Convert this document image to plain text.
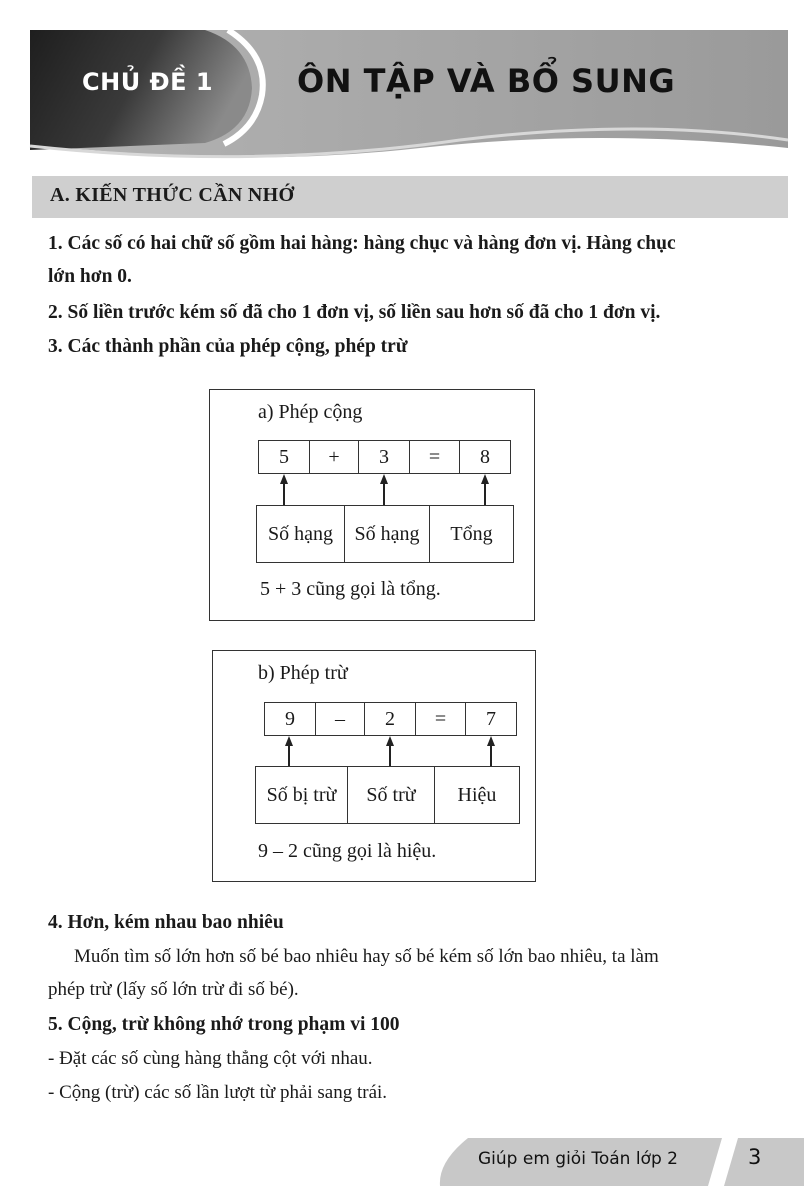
CHỦ ĐỀ 1	ÔN TẬP VÀ BỔ SUNG
A. KIẾN THỨC CẦN NHỚ
1. Các số có hai chữ số gồm hai hàng: hàng chục và hàng đơn vị. Hàng chục
lớn hơn 0.
2. Số liền trước kém số đã cho 1 đơn vị, số liền sau hơn số đã cho 1 đơn vị.
3. Các thành phần của phép cộng, phép trừ
a) Phép cộng
5	+	3	=	8
Số hạng	Số hạng	Tổng
5 + 3 cũng gọi là tổng.
b) Phép trừ
9	–	2	=	7
Số bị trừ	Số trừ	Hiệu
9 – 2 cũng gọi là hiệu.
4. Hơn, kém nhau bao nhiêu
Muốn tìm số lớn hơn số bé bao nhiêu hay số bé kém số lớn bao nhiêu, ta làm
phép trừ (lấy số lớn trừ đi số bé).
5. Cộng, trừ không nhớ trong phạm vi 100
- Đặt các số cùng hàng thẳng cột với nhau.
- Cộng (trừ) các số lần lượt từ phải sang trái.
Giúp em giỏi Toán lớp 2	3
